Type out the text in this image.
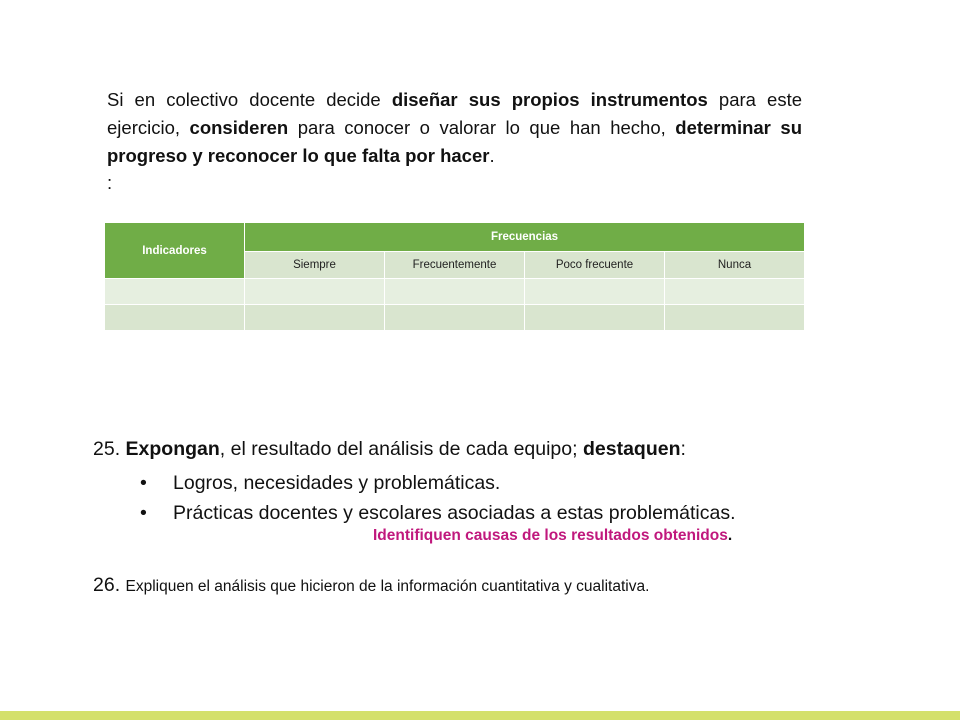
Si en colectivo docente decide diseñar sus propios instrumentos para este ejercicio, consideren para conocer o valorar lo que han hecho, determinar su progreso y reconocer lo que falta por hacer.
:
Indicadores	Frecuencias			
	Siempre	Frecuentemente	Poco frecuente	Nunca

25. Expongan, el resultado del análisis de cada equipo; destaquen:
• Logros, necesidades y problemáticas.
• Prácticas docentes y escolares asociadas a estas problemáticas.
Identifiquen causas de los resultados obtenidos.
26. Expliquen el análisis que hicieron de la información cuantitativa y cualitativa.
